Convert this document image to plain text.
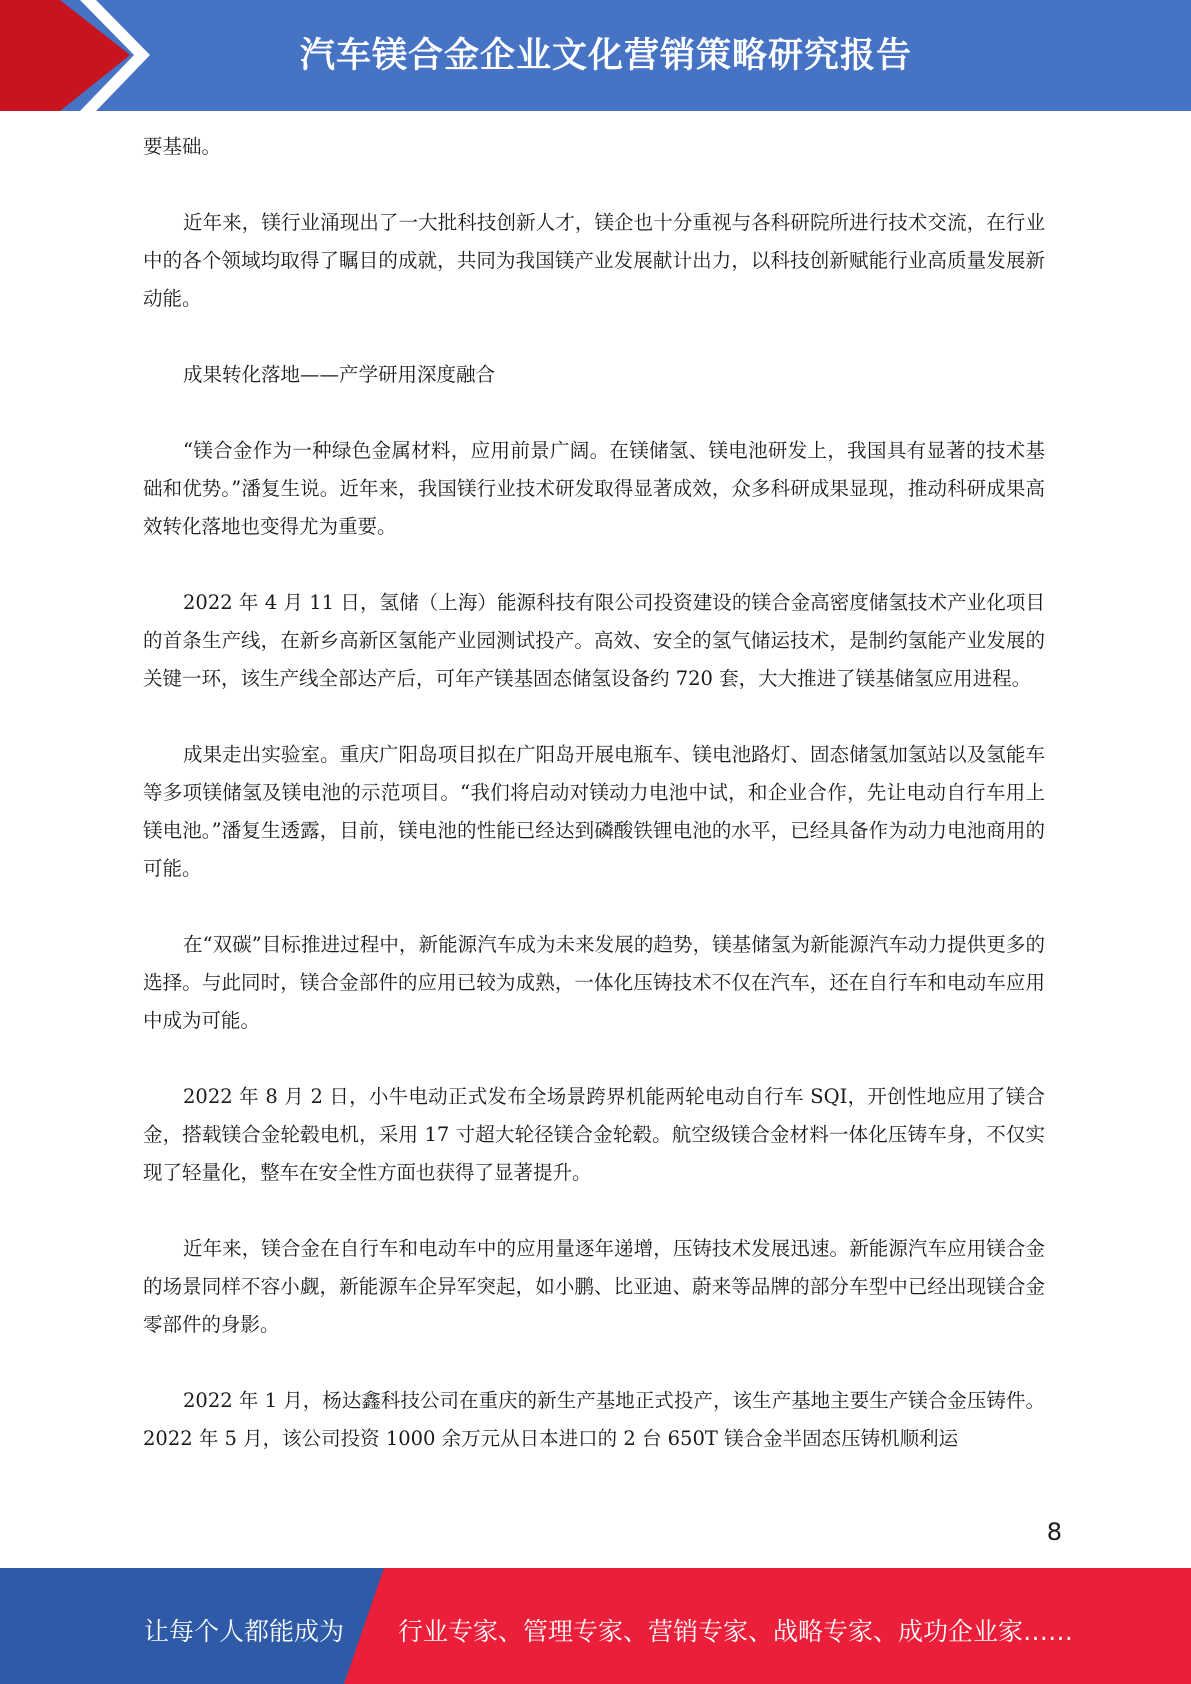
汽车镁合金企业文化营销策略研究报告

要基础。

近年来，镁行业涌现出了一大批科技创新人才，镁企也十分重视与各科研院所进行技术交流，在行业中的各个领域均取得了瞩目的成就，共同为我国镁产业发展献计出力，以科技创新赋能行业高质量发展新动能。

成果转化落地——产学研用深度融合

“镁合金作为一种绿色金属材料，应用前景广阔。在镁储氢、镁电池研发上，我国具有显著的技术基础和优势。”潘复生说。近年来，我国镁行业技术研发取得显著成效，众多科研成果显现，推动科研成果高效转化落地也变得尤为重要。

2022 年 4 月 11 日，氢储（上海）能源科技有限公司投资建设的镁合金高密度储氢技术产业化项目的首条生产线，在新乡高新区氢能产业园测试投产。高效、安全的氢气储运技术，是制约氢能产业发展的关键一环，该生产线全部达产后，可年产镁基固态储氢设备约 720 套，大大推进了镁基储氢应用进程。

成果走出实验室。重庆广阳岛项目拟在广阳岛开展电瓶车、镁电池路灯、固态储氢加氢站以及氢能车等多项镁储氢及镁电池的示范项目。“我们将启动对镁动力电池中试，和企业合作，先让电动自行车用上镁电池。”潘复生透露，目前，镁电池的性能已经达到磷酸铁锂电池的水平，已经具备作为动力电池商用的可能。

在“双碳”目标推进过程中，新能源汽车成为未来发展的趋势，镁基储氢为新能源汽车动力提供更多的选择。与此同时，镁合金部件的应用已较为成熟，一体化压铸技术不仅在汽车，还在自行车和电动车应用中成为可能。

2022 年 8 月 2 日，小牛电动正式发布全场景跨界机能两轮电动自行车 SQI，开创性地应用了镁合金，搭载镁合金轮毂电机，采用 17 寸超大轮径镁合金轮毂。航空级镁合金材料一体化压铸车身，不仅实现了轻量化，整车在安全性方面也获得了显著提升。

近年来，镁合金在自行车和电动车中的应用量逐年递增，压铸技术发展迅速。新能源汽车应用镁合金的场景同样不容小觑，新能源车企异军突起，如小鹏、比亚迪、蔚来等品牌的部分车型中已经出现镁合金零部件的身影。

2022 年 1 月，杨达鑫科技公司在重庆的新生产基地正式投产，该生产基地主要生产镁合金压铸件。2022 年 5 月，该公司投资 1000 余万元从日本进口的 2 台 650T 镁合金半固态压铸机顺利运

8
让每个人都能成为 行业专家、管理专家、营销专家、战略专家、成功企业家……
